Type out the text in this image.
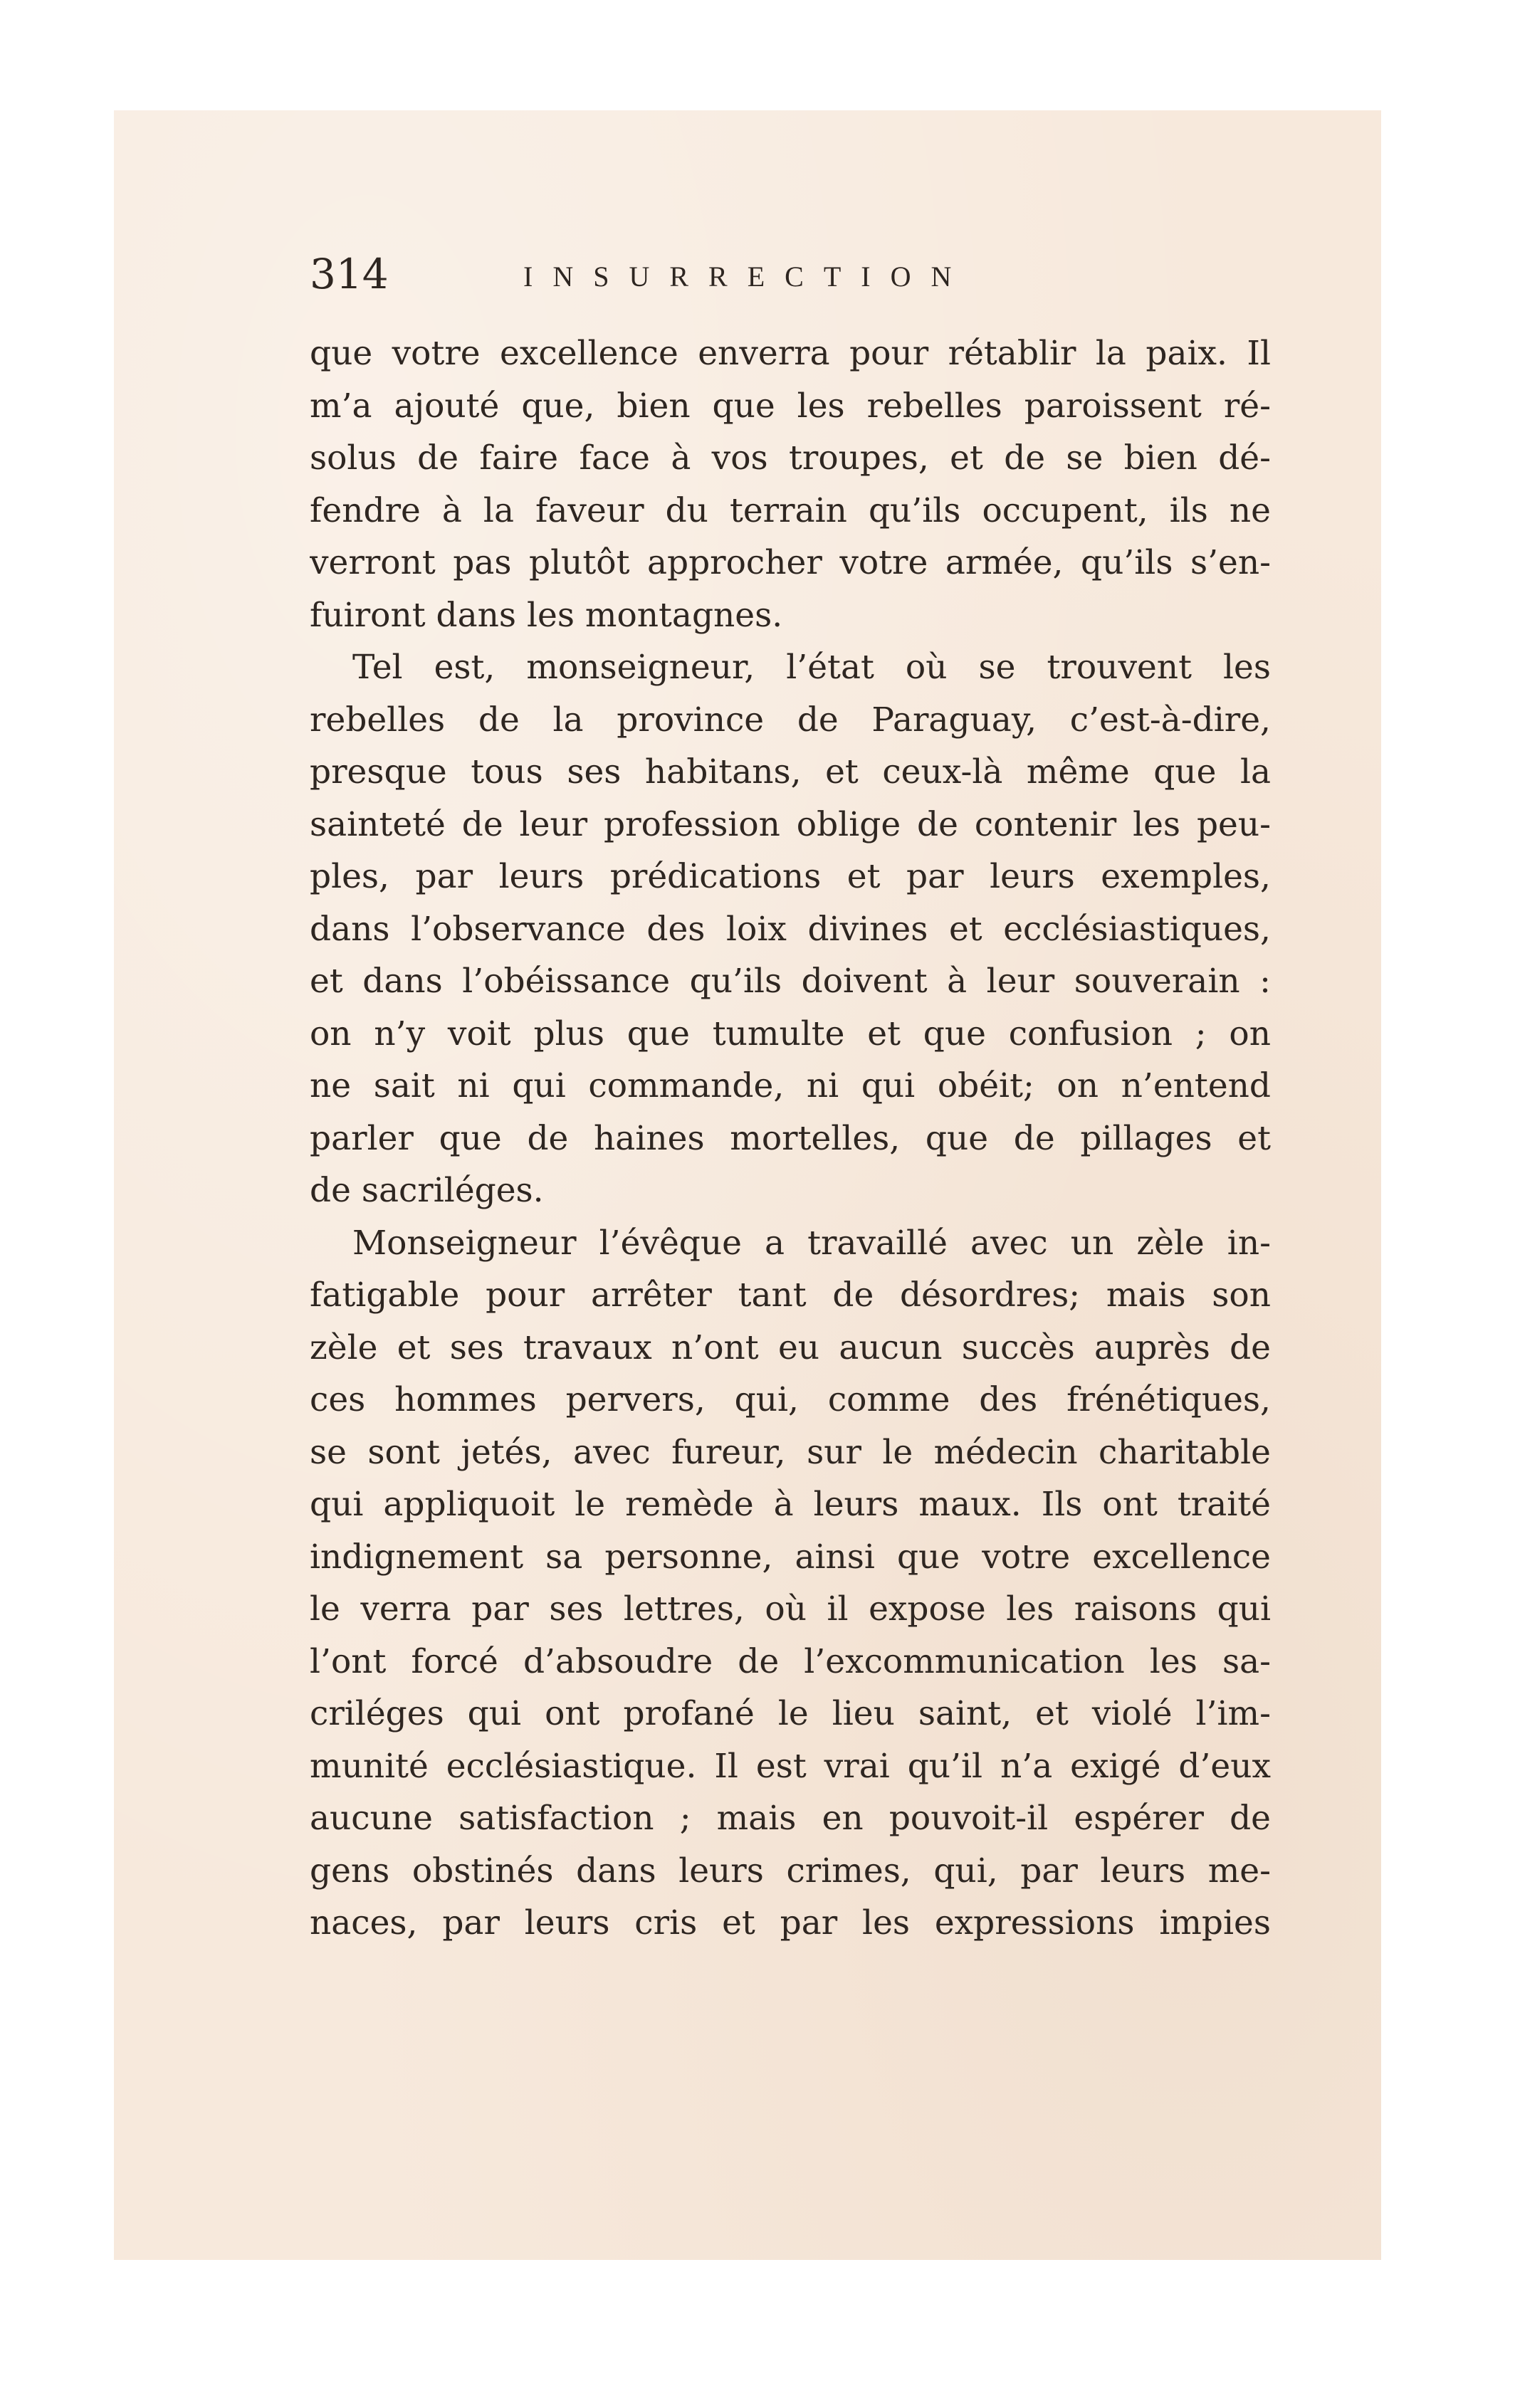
314	INSURRECTION
que votre excellence enverra pour rétablir la paix. Il
m’a ajouté que, bien que les rebelles paroissent ré-
solus de faire face à vos troupes, et de se bien dé-
fendre à la faveur du terrain qu’ils occupent, ils ne
verront pas plutôt approcher votre armée, qu’ils s’en-
fuiront dans les montagnes.
Tel est, monseigneur, l’état où se trouvent les
rebelles de la province de Paraguay, c’est-à-dire,
presque tous ses habitans, et ceux-là même que la
sainteté de leur profession oblige de contenir les peu-
ples, par leurs prédications et par leurs exemples,
dans l’observance des loix divines et ecclésiastiques,
et dans l’obéissance qu’ils doivent à leur souverain :
on n’y voit plus que tumulte et que confusion ; on
ne sait ni qui commande, ni qui obéit; on n’entend
parler que de haines mortelles, que de pillages et
de sacriléges.
Monseigneur l’évêque a travaillé avec un zèle in-
fatigable pour arrêter tant de désordres; mais son
zèle et ses travaux n’ont eu aucun succès auprès de
ces hommes pervers, qui, comme des frénétiques,
se sont jetés, avec fureur, sur le médecin charitable
qui appliquoit le remède à leurs maux. Ils ont traité
indignement sa personne, ainsi que votre excellence
le verra par ses lettres, où il expose les raisons qui
l’ont forcé d’absoudre de l’excommunication les sa-
criléges qui ont profané le lieu saint, et violé l’im-
munité ecclésiastique. Il est vrai qu’il n’a exigé d’eux
aucune satisfaction ; mais en pouvoit-il espérer de
gens obstinés dans leurs crimes, qui, par leurs me-
naces, par leurs cris et par les expressions impies
